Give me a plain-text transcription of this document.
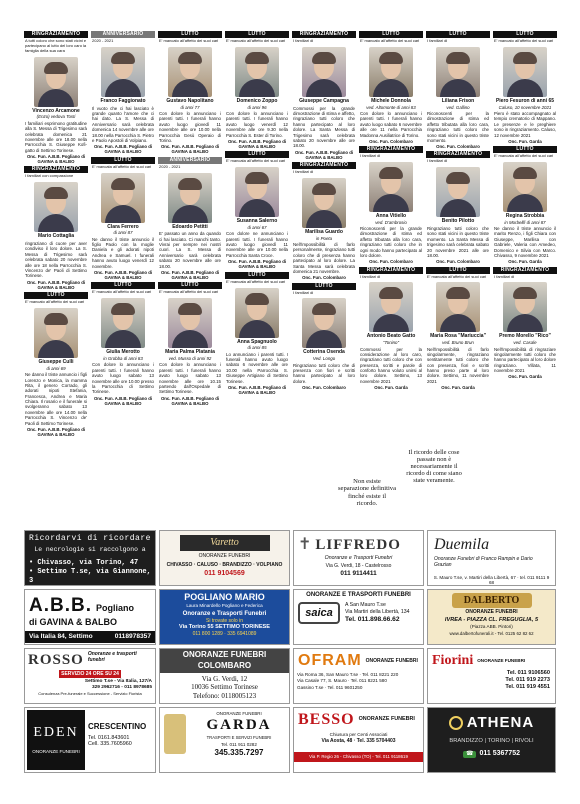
RINGRAZIAMENTO
A tutti coloro che sono stati vicini e partecipano al lutto del loro caro la famiglia della sua cara
Vincenzo Arcamone
(Enzo) vedova Tosti
I familiari esprimono gratitudine alla S. Messa di Trigesimo sarà celebrata domenica 21 novembre alle ore 18.00 nella Parrocchia S. Giuseppe Kofi-gatto di Settimo Torinese.
Onc. Fun. A.B.B. Pogliano di GAVINA & BALBO
RINGRAZIAMENTO
I familiari con compassione
Mario Cottaglia
ringraziano di cuore per aver condiviso il loro dolore. La S. Messa di Trigesimo sarà celebrata sabato 20 novembre alle ore 18 nella Parrocchia S. Vincenzo de' Paoli di Settimo Torinese.
Onc. Fun. A.B.B. Pogliano di GAVINA & BALBO
LUTTO
E' mancato all'affetto dei suoi cari
Giuseppe Culli
di anni 69
Ne danno il triste annuncio i figli Lorenzo e Monica, la mamma Rita, il genero Corrado, gli adorati nipoti Stefania, Francesca, Andrea e Maria Chiara. Il rosario e il funerale si svolgeranno sabato 13 novembre alle ore 14.00 nella Parrocchia S. Vincenzo de' Paoli di Settimo Torinese.
Onc. Fun. A.B.B. Pogliano di GAVINA & BALBO
ANNIVERSARIO
2020 - 2021
Franco Faggionato
Il vuoto che ci hai lasciato è grande quanto l'amore che ci hai dato. La S. Messa di Anniversario sarà celebrata domenica 14 novembre alle ore 18.00 nella Parrocchia S. Pietro e Paolo Apostoli di Volpiano.
Onc. Fun. A.B.B. Pogliano di GAVINA & BALBO
LUTTO
E' mancata all'affetto dei suoi cari
Clara Ferrero
di anni 87
Ne danno il triste annuncio il figlio Paolo con la moglie Daniela e gli adorati nipoti Andrea e Samuel. I funerali hanno avuto luogo venerdì 12 novembre.
Onc. Fun. A.B.B. Pogliano di GAVINA & BALBO
LUTTO
E' mancato all'affetto dei suoi cari
Giulia Merotto
in Grobba di anni 83
Con dolore lo annunciano i parenti tutti. I funerali hanno avuto luogo sabato 13 novembre alle ore 10.00 presso la Parrocchia di Settimo Torinese.
Onc. Fun. A.B.B. Pogliano di GAVINA & BALBO
LUTTO
E' mancato all'affetto dei suoi cari
Gustavo Napolitano
di anni 77
Con dolore lo annunciano i parenti tutti. I funerali hanno avuto luogo giovedì 11 novembre alle ore 10.00 nella Parrocchia Gesù Operaio di Torino.
Onc. Fun. A.B.B. Pogliano di GAVINA & BALBO
ANNIVERSARIO
2020 - 2021
Edoardo Petitti
E' passato un anno da quando ci hai lasciato. Ci manchi tanto. Vivrai per sempre nei nostri cuori. La S. Messa di Anniversario sarà celebrata sabato 20 novembre alle ore 18.00.
Onc. Fun. A.B.B. Pogliano di GAVINA & BALBO
LUTTO
E' mancata all'affetto dei suoi cari
Maria Palma Platania
ved. Musso di anni 92
Con dolore lo annunciano i parenti tutti. I funerali hanno avuto luogo sabato 13 novembre alle ore 10.15 partendo dall'Ospedale di Settimo Torinese.
Onc. Fun. A.B.B. Pogliano di GAVINA & BALBO
LUTTO
E' mancato all'affetto dei suoi cari
Domenico Zoppo
di anni 96
Con dolore lo annunciano i parenti tutti. I funerali hanno avuto luogo venerdì 12 novembre alle ore 9.30 nella Parrocchia S. Ester di Torino.
Onc. Fun. A.B.B. Pogliano di GAVINA & BALBO
LUTTO
E' mancata all'affetto dei suoi cari
Susanna Salerno
di anni 67
Con dolore ne annunciano i parenti tutti. I funerali hanno avuto luogo giovedì 11 novembre alle ore 10.00 nella Parrocchia Santa Croce.
Onc. Fun. A.B.B. Pogliano di GAVINA & BALBO
LUTTO
E' mancata all'affetto dei suoi cari
Anna Spagnuolo
di anni 85
Lo annunciano i parenti tutti. I funerali hanno avuto luogo sabato 6 novembre alle ore 10.00 nella Parrocchia S. Giuseppe Artigiano di Settimo Torinese.
Onc. Fun. A.B.B. Pogliano di GAVINA & BALBO
RINGRAZIAMENTO
I familiari di
Giuseppe Campagna
Commossi per la grande dimostrazione di stima e affetto, ringraziano tutti coloro che hanno partecipato al loro dolore. La Santa Messa di Trigesimo sarà celebrata sabato 20 novembre alle ore 18.00.
Onc. Fun. A.B.B. Pogliano di GAVINA & BALBO
RINGRAZIAMENTO
I familiari di
Marilisa Guardo
in Poeta
Nell'impossibilità di farlo personalmente, ringraziano tutti coloro che di presenza hanno partecipato al loro dolore. La Santa Messa sarà celebrata domenica 21 novembre.
Onc. Fun. Colombaro
LUTTO
I familiari di
Cotterina Osenda
Ved. Longo
Ringraziano tutti coloro che di presenza con fiori e scritti hanno partecipato al loro dolore.
Onc. Fun. Colombaro
LUTTO
E' mancato all'affetto dei suoi cari
Michele Donnola
ved. Altomonte di anni 83
Con dolore lo annunciano i parenti tutti. I funerali hanno avuto luogo sabato 6 novembre alle ore 11 nella Parrocchia Madonna Ausiliatrice di Torino.
Onc. Fun. Colombaro
RINGRAZIAMENTO
I familiari di
Anna Vitiello
ved. D'ambrosio
Riconoscenti per la grande dimostrazione di stima ed affetto tributata alla loro cara, ringraziano tutti coloro che in ogni modo hanno partecipato al loro dolore.
Onc. Fun. Colombaro
RINGRAZIAMENTO
I familiari di
Antonio Beato Gatto
"Tonino"
Commossi per la considerazione al loro caro, ringraziano tutti coloro che con presenza, scritti e parole di conforto hanno voluto unirsi al loro dolore. Settimo, 13 novembre 2021
Onc. Fun. Garda
LUTTO
I familiari di
Liliana Frison
ved. Gallino
Riconoscenti per la dimostrazione di stima ed affetto tributata alla loro cara, ringraziano tutti coloro che sono stati vicini in questo triste momento.
Onc. Fun. Colombaro
RINGRAZIAMENTO
I familiari di
Benito Pilotto
Ringraziano tutti coloro che sono stati vicini in questo triste momento. La Santa Messa di trigesimo sarà celebrata sabato 20 novembre 2021 alle ore 18.00.
Onc. Fun. Colombaro
LUTTO
E' mancata all'affetto dei suoi cari
Maria Rosa "Mariuccia"
ved. Bruno Brun
Nell'impossibilità di farlo singolarmente, ringraziano sentitamente tutti coloro che con presenza, fiori e scritti hanno preso parte al loro dolore. Settimo, 11 novembre 2021
Onc. Fun. Garda
LUTTO
E' mancato all'affetto dei suoi cari
Piero Fesuron di anni 65
Caluso, 10 novembre 2021
Piero è stato accompagnato al tempio crematorio di Mappano. Le presenze e le preghiere sono in ringraziamento. Caluso, 12 novembre 2021
Onc. Fun. Garda
LUTTO
E' mancata all'affetto dei suoi cari
Regina Strobbia
in Morbellli di anni 87
Ne danno il triste annuncio il marito Renzo, i figli Chiara con Giuseppe, Marilisa con Gabriele, Valeria con Amedeo, Domenico e Silvia con Marco. Chivasso, 9 novembre 2021
Onc. Fun. Garda
RINGRAZIAMENTO
I familiari di
Premo Morello "Rico"
ved. Casale
Nell'impossibilità di ringraziare singolarmente tutti coloro che hanno partecipato al loro dolore ringraziano. Villata, 11 novembre 2021
Onc. Fun. Garda
Non esiste separazione definitiva finché esiste il ricordo.
Il ricordo delle cose passate non è necessariamente il ricordo di come siano state veramente.
Ricordarvi di ricordare
Le necrologie si raccolgono a
• Chivasso, via Torino, 47
• Settimo T.se, via Giannone, 3
Varetto
ONORANZE FUNEBRI
CHIVASSO · CALUSO · BRANDIZZO · VOLPIANO
011 9104569
✝ LIFFREDO
Onoranze e Trasporti Funebri
Via G. Verdi, 18 - Castelrosso
011 9114411
Duemila
Onoranze Funebri di Franco Rampin e Dario Grazian
S. Mauro T.se, v. Martiri della Libertà, 67 · tel. 011 9111 9 68
A.B.B. Pogliano
di GAVINA & BALBO
Via Italia 84, Settimo	0118978357
POGLIANO MARIO
Laura Minardello Pogliano e Federica
Onoranze e Trasporti Funebri
Si trovate solo in
Via Torino 55 SETTIMO TORINESE
011 800 1289 · 335 6941089
ONORANZE E TRASPORTI FUNEBRI
saica
A San Mauro T.se
Via Martiri della Libertà, 134
Tel. 011.898.66.62
DALBERTO
ONORANZE FUNEBRI
IVREA - PIAZZA CL. FREGUGLIA, 5
(Piazza ABB. Pintori)
www.dalbertofunerali.it - Tel. 0125 62 82 62
ROSSO Onoranze e trasporti funebri
SERVIZIO 24 ORE SU 24
Settimo T.se - Via Italia, 127/A
329 2962716 - 011 8978685
Consulenza Pre-funerale e Successione - Servizio Fiorista
ONORANZE FUNEBRI
COLOMBARO
Via G. Verdi, 12
10036 Settimo Torinese
Telefono: 0118005123
OFRAM ONORANZE FUNEBRI
Via Roma 36, San Mauro T.se · Tel. 011 8221 220
Via Casale 77, S. Mauro · Tel. 011 8221 580
Gassino T.se · Tel. 011 9601250
Fiorini ONORANZE FUNEBRI
Tel. 011 9106560
Tel. 011 919 2273
Tel. 011 919 4551
EDEN
ONORANZE FUNEBRI
CRESCENTINO
Tel. 0161.843601
Cell. 335.7605960
ONORANZE FUNEBRI
GARDA
TRASPORTI E SERVIZI FUNEBRI
Tel. 011 911 0282
345.335.7297
BESSO ONORANZE FUNEBRI
Chiusura per Centi Associati
Via Aosta, 48 · Tel. 335 5704403
Via P. Regio 26 - Chivasso (TO) - Tel. 011 9118619
ATHENA
BRANDIZZO | TORINO | RIVOLI
☎ 011 5367752
